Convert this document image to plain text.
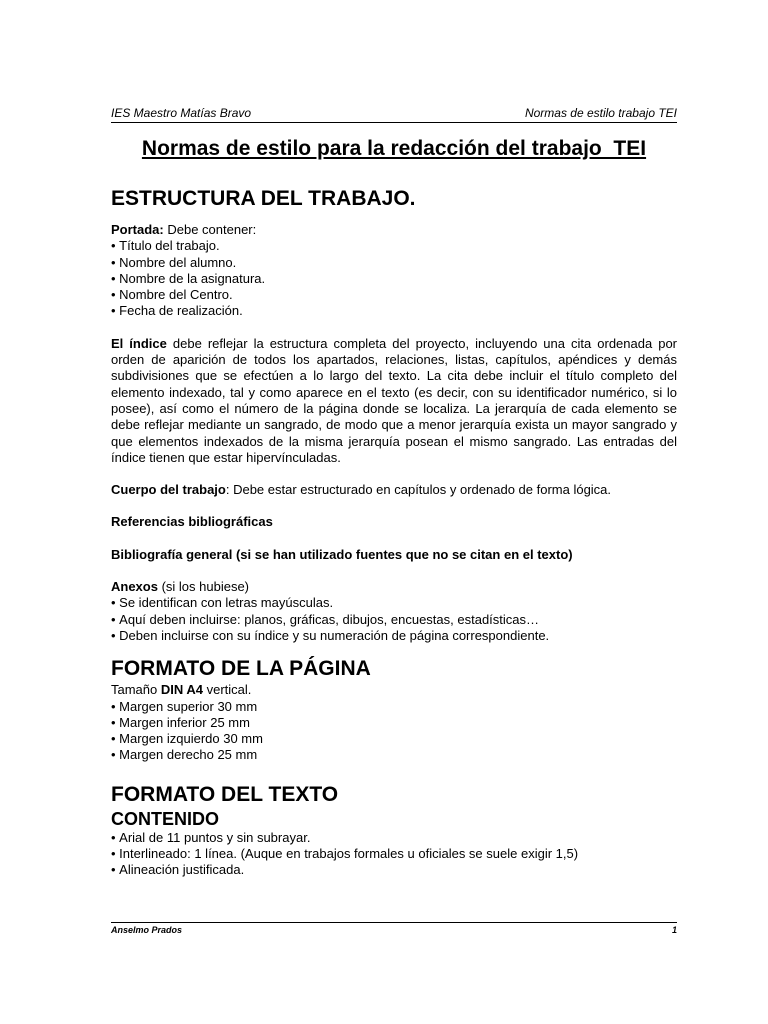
IES Maestro Matías Bravo	Normas de estilo trabajo TEI
Normas de estilo para la redacción del trabajo  TEI
ESTRUCTURA DEL TRABAJO.

Portada: Debe contener:

• Título del trabajo.
• Nombre del alumno.
• Nombre de la asignatura.
• Nombre del Centro.
• Fecha de realización.

El índice debe reflejar la estructura completa del proyecto, incluyendo una cita ordenada por orden de aparición de todos los apartados, relaciones, listas, capítulos, apéndices y demás subdivisiones que se efectúen a lo largo del texto. La cita debe incluir el título completo del elemento indexado, tal y como aparece en el texto (es decir, con su identificador numérico, si lo posee), así como el número de la página donde se localiza. La jerarquía de cada elemento se debe reflejar mediante un sangrado, de modo que a menor jerarquía exista un mayor sangrado y que elementos indexados de la misma jerarquía posean el mismo sangrado. Las entradas del índice tienen que estar hipervínculadas.

Cuerpo del trabajo: Debe estar estructurado en capítulos y ordenado de forma lógica.

Referencias bibliográficas

Bibliografía general (si se han utilizado fuentes que no se citan en el texto)

Anexos (si los hubiese)

• Se identifican con letras mayúsculas.
• Aquí deben incluirse: planos, gráficas, dibujos, encuestas, estadísticas…
• Deben incluirse con su índice y su numeración de página correspondiente.
FORMATO DE LA PÁGINA

Tamaño DIN A4 vertical.

• Margen superior 30 mm
• Margen inferior 25 mm
• Margen izquierdo 30 mm
• Margen derecho 25 mm
FORMATO DEL TEXTO
CONTENIDO
• Arial de 11 puntos y sin subrayar.
• Interlineado: 1 línea. (Auque en trabajos formales u oficiales se suele exigir 1,5)
• Alineación justificada.
Anselmo Prados	1
